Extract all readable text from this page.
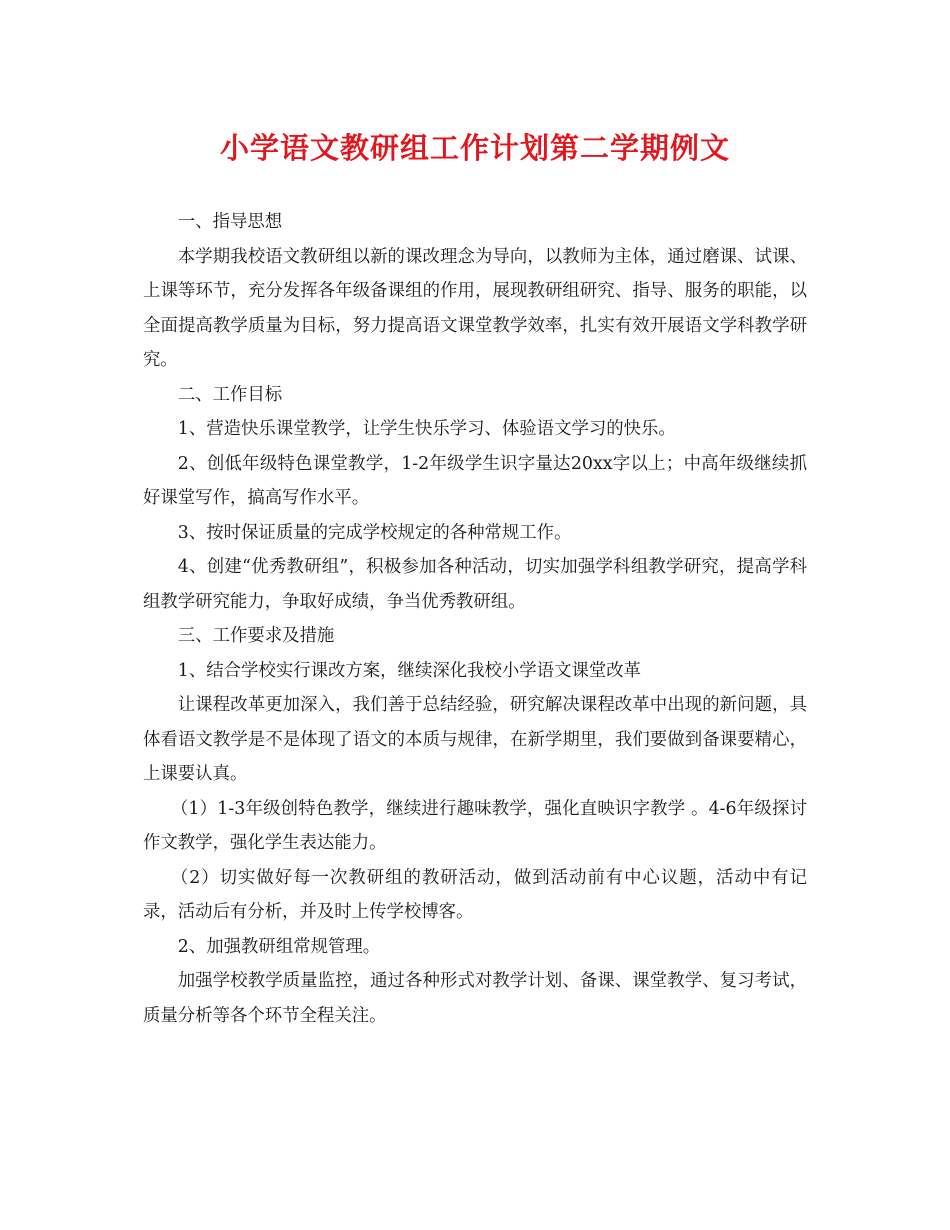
小学语文教研组工作计划第二学期例文

一、指导思想

本学期我校语文教研组以新的课改理念为导向，以教师为主体，通过磨课、试课、上课等环节，充分发挥各年级备课组的作用，展现教研组研究、指导、服务的职能，以全面提高教学质量为目标，努力提高语文课堂教学效率，扎实有效开展语文学科教学研究。

二、工作目标

1、营造快乐课堂教学，让学生快乐学习、体验语文学习的快乐。

2、创低年级特色课堂教学，1-2年级学生识字量达20xx字以上；中高年级继续抓好课堂写作，搞高写作水平。

3、按时保证质量的完成学校规定的各种常规工作。

4、创建“优秀教研组”，积极参加各种活动，切实加强学科组教学研究，提高学科组教学研究能力，争取好成绩，争当优秀教研组。

三、工作要求及措施

1、结合学校实行课改方案，继续深化我校小学语文课堂改革

让课程改革更加深入，我们善于总结经验，研究解决课程改革中出现的新问题，具体看语文教学是不是体现了语文的本质与规律，在新学期里，我们要做到备课要精心，上课要认真。

（1）1-3年级创特色教学，继续进行趣味教学，强化直映识字教学 。4-6年级探讨作文教学，强化学生表达能力。

（2）切实做好每一次教研组的教研活动，做到活动前有中心议题，活动中有记录，活动后有分析，并及时上传学校博客。

2、加强教研组常规管理。

加强学校教学质量监控，通过各种形式对教学计划、备课、课堂教学、复习考试，质量分析等各个环节全程关注。
